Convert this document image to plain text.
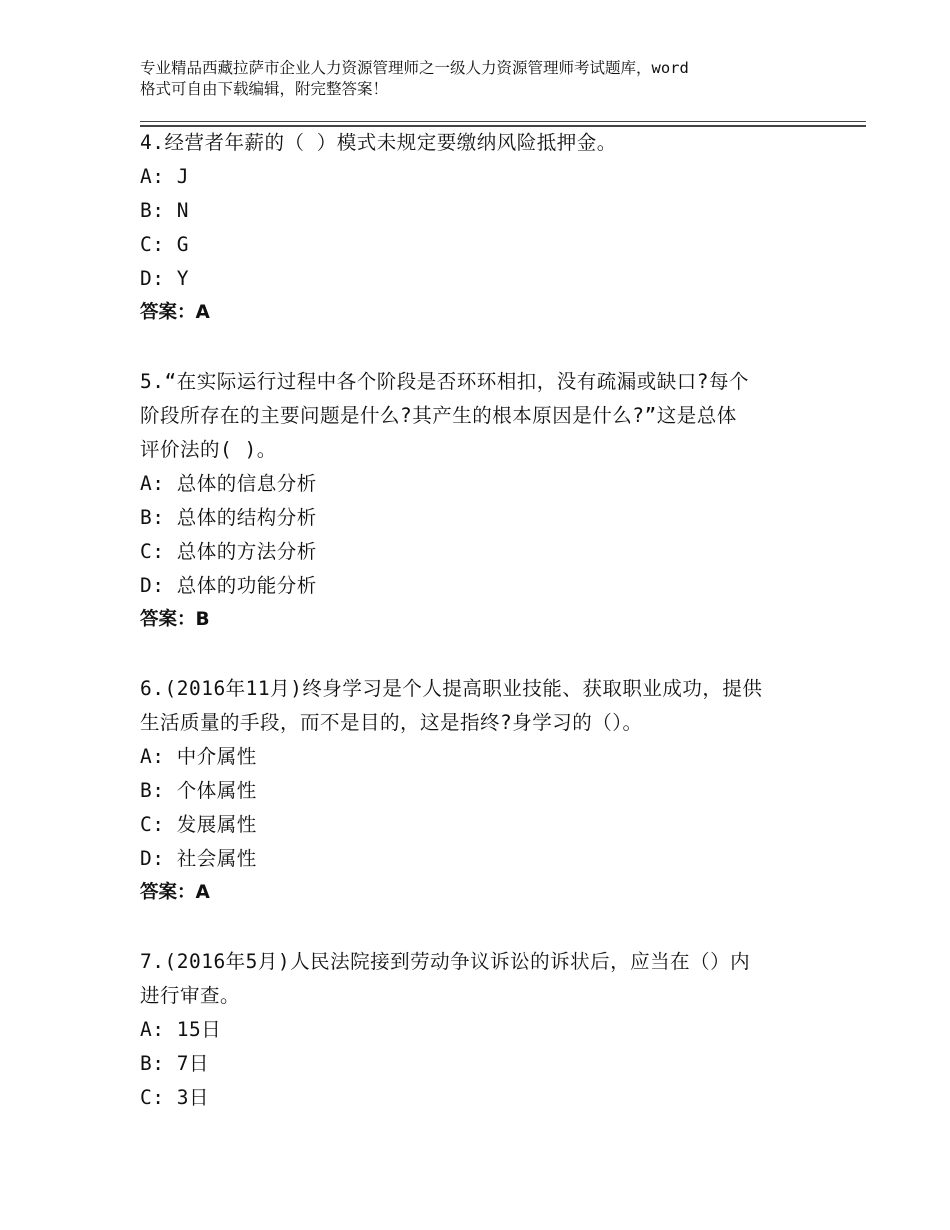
专业精品西藏拉萨市企业人力资源管理师之一级人力资源管理师考试题库，word
格式可自由下载编辑，附完整答案！
4.经营者年薪的（ ）模式未规定要缴纳风险抵押金。
A: J
B: N
C: G
D: Y
答案：A
5.“在实际运行过程中各个阶段是否环环相扣，没有疏漏或缺口?每个
阶段所存在的主要问题是什么?其产生的根本原因是什么?”这是总体
评价法的( )。
A: 总体的信息分析
B: 总体的结构分析
C: 总体的方法分析
D: 总体的功能分析
答案：B
6.(2016年11月)终身学习是个人提高职业技能、获取职业成功，提供
生活质量的手段，而不是目的，这是指终?身学习的（）。
A: 中介属性
B: 个体属性
C: 发展属性
D: 社会属性
答案：A
7.(2016年5月)人民法院接到劳动争议诉讼的诉状后，应当在（）内
进行审查。
A: 15日
B: 7日
C: 3日
